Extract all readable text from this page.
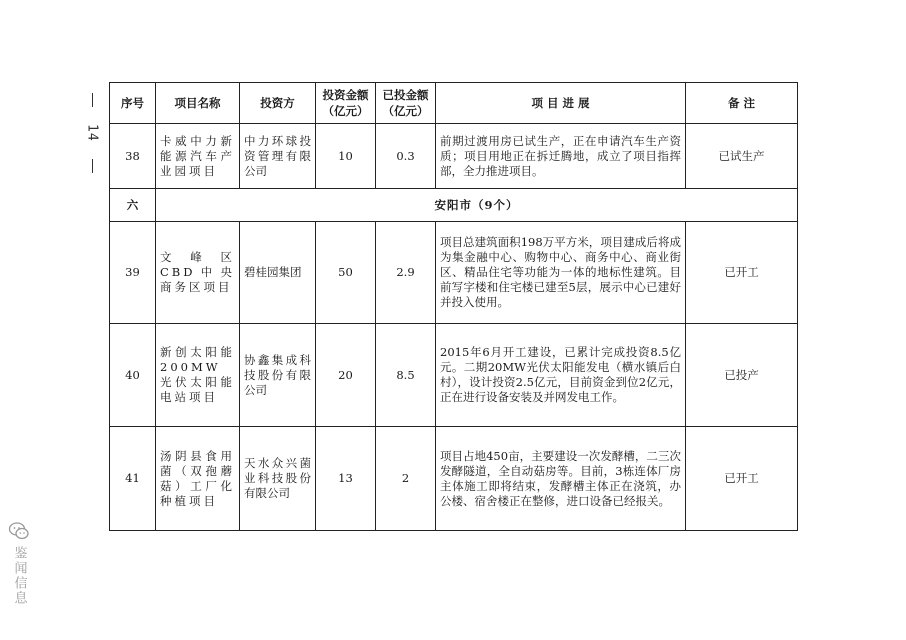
14
序号	项目名称	投资方	投资金额（亿元）	已投金额（亿元）	项 目 进 展	备 注
38	卡威中力新能源汽车产业园项目	中力环球投资管理有限公司	10	0.3	前期过渡用房已试生产，正在申请汽车生产资质；项目用地正在拆迁腾地，成立了项目指挥部，全力推进项目。	已试生产
六	安阳市（9个）					
39	文峰区CBD中央商务区项目	碧桂园集团	50	2.9	项目总建筑面积198万平方米，项目建成后将成为集金融中心、购物中心、商务中心、商业街区、精品住宅等功能为一体的地标性建筑。目前写字楼和住宅楼已建至5层，展示中心已建好并投入使用。	已开工
40	新创太阳能200MW光伏太阳能电站项目	协鑫集成科技股份有限公司	20	8.5	2015年6月开工建设，已累计完成投资8.5亿元。二期20MW光伏太阳能发电（横水镇后白村），设计投资2.5亿元，目前资金到位2亿元，正在进行设备安装及并网发电工作。	已投产
41	汤阴县食用菌（双孢蘑菇）工厂化种植项目	天水众兴菌业科技股份有限公司	13	2	项目占地450亩，主要建设一次发酵槽，二三次发酵隧道，全自动菇房等。目前，3栋连体厂房主体施工即将结束，发酵槽主体正在浇筑，办公楼、宿舍楼正在整修，进口设备已经报关。	已开工
鉴闻信息
